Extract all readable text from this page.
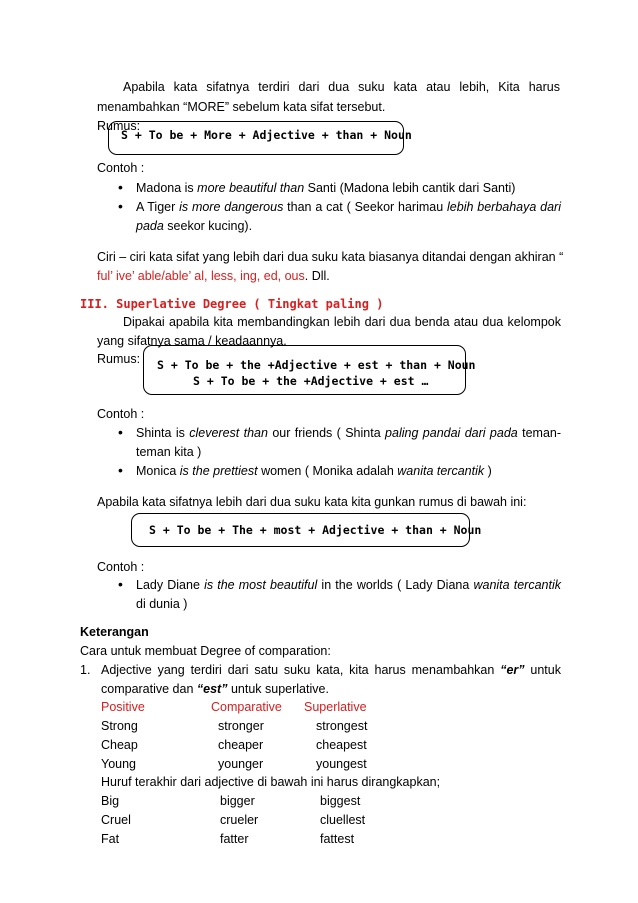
Apabila kata sifatnya terdiri dari dua suku kata atau lebih, Kita harus
menambahkan “MORE” sebelum kata sifat tersebut.
Rumus:
S + To be + More + Adjective + than + Noun
Contoh :
• Madona is more beautiful than Santi (Madona lebih cantik dari Santi)
• A Tiger is more dangerous than a cat ( Seekor harimau lebih berbahaya dari
pada seekor kucing).
Ciri – ciri kata sifat yang lebih dari dua suku kata biasanya ditandai dengan akhiran “
ful’ ive’ able/able’ al, less, ing, ed, ous. Dll.
III. Superlative Degree ( Tingkat paling )
Dipakai apabila kita membandingkan lebih dari dua benda atau dua kelompok
yang sifatnya sama / keadaannya.
Rumus: S + To be + the +Adjective + est + than + Noun
S + To be + the +Adjective + est …
Contoh :
• Shinta is cleverest than our friends ( Shinta paling pandai dari pada teman-
teman kita )
• Monica is the prettiest women ( Monika adalah wanita tercantik )
Apabila kata sifatnya lebih dari dua suku kata kita gunkan rumus di bawah ini:
S + To be + The + most + Adjective + than + Noun
Contoh :
• Lady Diane is the most beautiful in the worlds ( Lady Diana wanita tercantik
di dunia )
Keterangan
Cara untuk membuat Degree of comparation:
1. Adjective yang terdiri dari satu suku kata, kita harus menambahkan “er” untuk
comparative dan “est” untuk superlative.
Positive	Comparative Superlative
Strong	stronger	strongest
Cheap	cheaper	cheapest
Young	younger	youngest
Huruf terakhir dari adjective di bawah ini harus dirangkapkan;
Big	bigger	biggest
Cruel	crueler	cluellest
Fat	fatter	fattest
